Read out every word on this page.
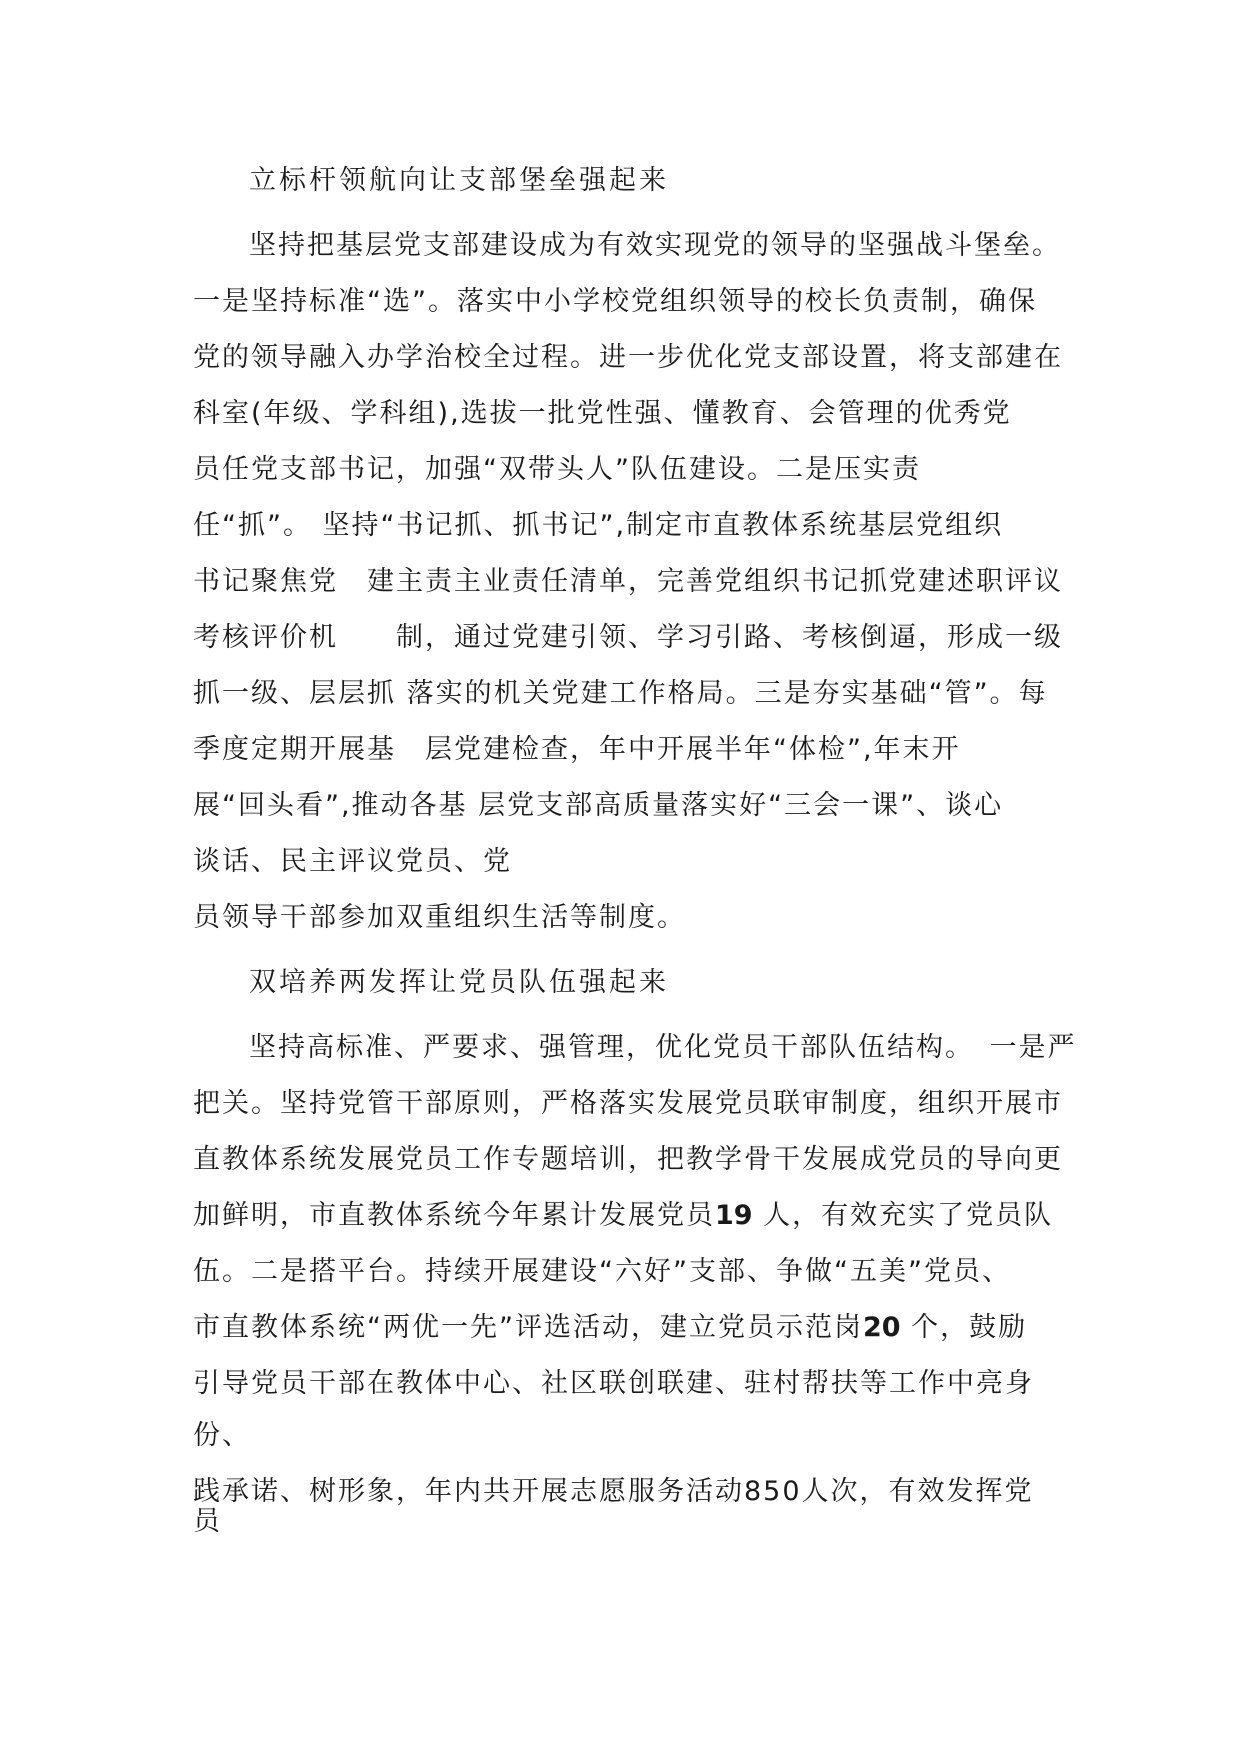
立标杆领航向让支部堡垒强起来
坚持把基层党支部建设成为有效实现党的领导的坚强战斗堡垒。
一是坚持标准“选”。落实中小学校党组织领导的校长负责制，确保
党的领导融入办学治校全过程。进一步优化党支部设置，将支部建在
科室(年级、学科组),选拔一批党性强、懂教育、会管理的优秀党
员任党支部书记，加强“双带头人”队伍建设。二是压实责
任“抓”。 坚持“书记抓、抓书记”,制定市直教体系统基层党组织
书记聚焦党　建主责主业责任清单，完善党组织书记抓党建述职评议
考核评价机　　制，通过党建引领、学习引路、考核倒逼，形成一级
抓一级、层层抓 落实的机关党建工作格局。三是夯实基础“管”。每
季度定期开展基　层党建检查，年中开展半年“体检”,年末开
展“回头看”,推动各基 层党支部高质量落实好“三会一课”、谈心
谈话、民主评议党员、党
员领导干部参加双重组织生活等制度。
双培养两发挥让党员队伍强起来
坚持高标准、严要求、强管理，优化党员干部队伍结构。　一是严
把关。坚持党管干部原则，严格落实发展党员联审制度，组织开展市
直教体系统发展党员工作专题培训，把教学骨干发展成党员的导向更
加鲜明，市直教体系统今年累计发展党员19 人，有效充实了党员队
伍。二是搭平台。持续开展建设“六好”支部、争做“五美”党员、
市直教体系统“两优一先”评选活动，建立党员示范岗20 个，鼓励
引导党员干部在教体中心、社区联创联建、驻村帮扶等工作中亮身
份、
践承诺、树形象，年内共开展志愿服务活动850人次，有效发挥党
员
